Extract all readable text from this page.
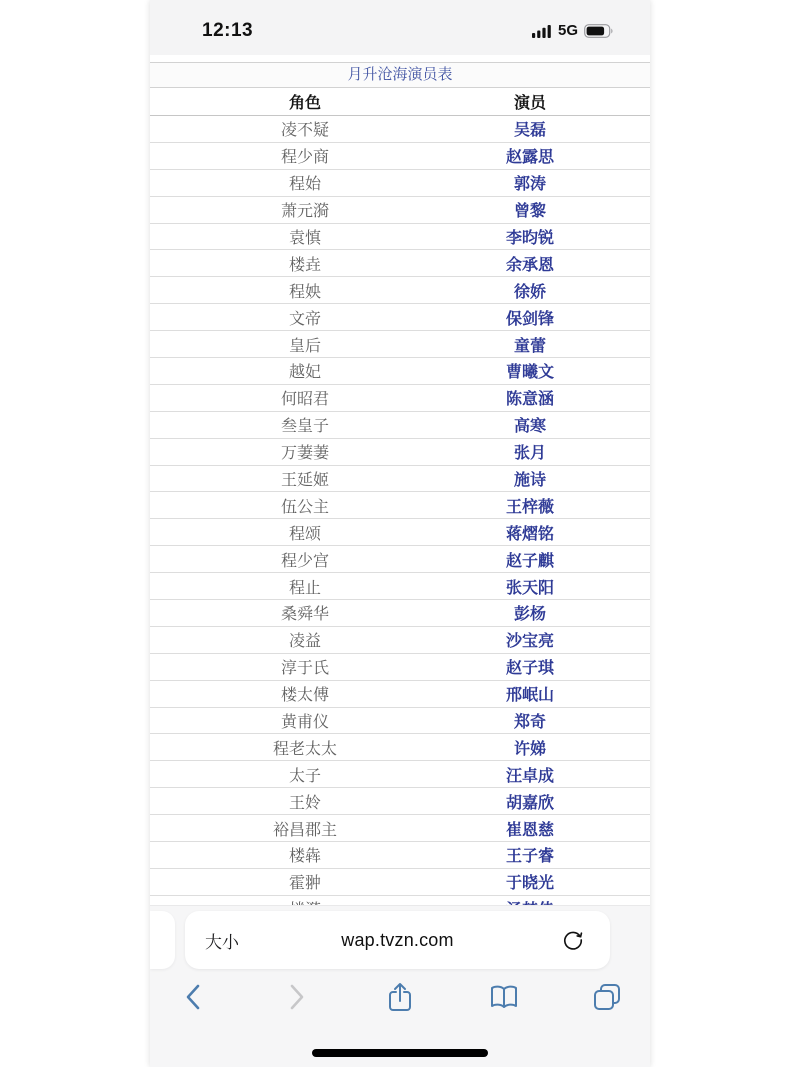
12:13	5G
月升沧海演员表
角色	演员
凌不疑	吴磊
程少商	赵露思
程始	郭涛
萧元漪	曾黎
袁慎	李昀锐
楼垚	余承恩
程姎	徐娇
文帝	保剑锋
皇后	童蕾
越妃	曹曦文
何昭君	陈意涵
叁皇子	高寒
万萋萋	张月
王延姬	施诗
伍公主	王梓薇
程颂	蒋熠铭
程少宫	赵子麒
程止	张天阳
桑舜华	彭杨
凌益	沙宝亮
淳于氏	赵子琪
楼太傅	邢岷山
黄甫仪	郑奇
程老太太	许娣
太子	汪卓成
王姈	胡嘉欣
裕昌郡主	崔恩慈
楼犇	王子睿
霍翀	于晓光
大小	wap.tvzn.com
